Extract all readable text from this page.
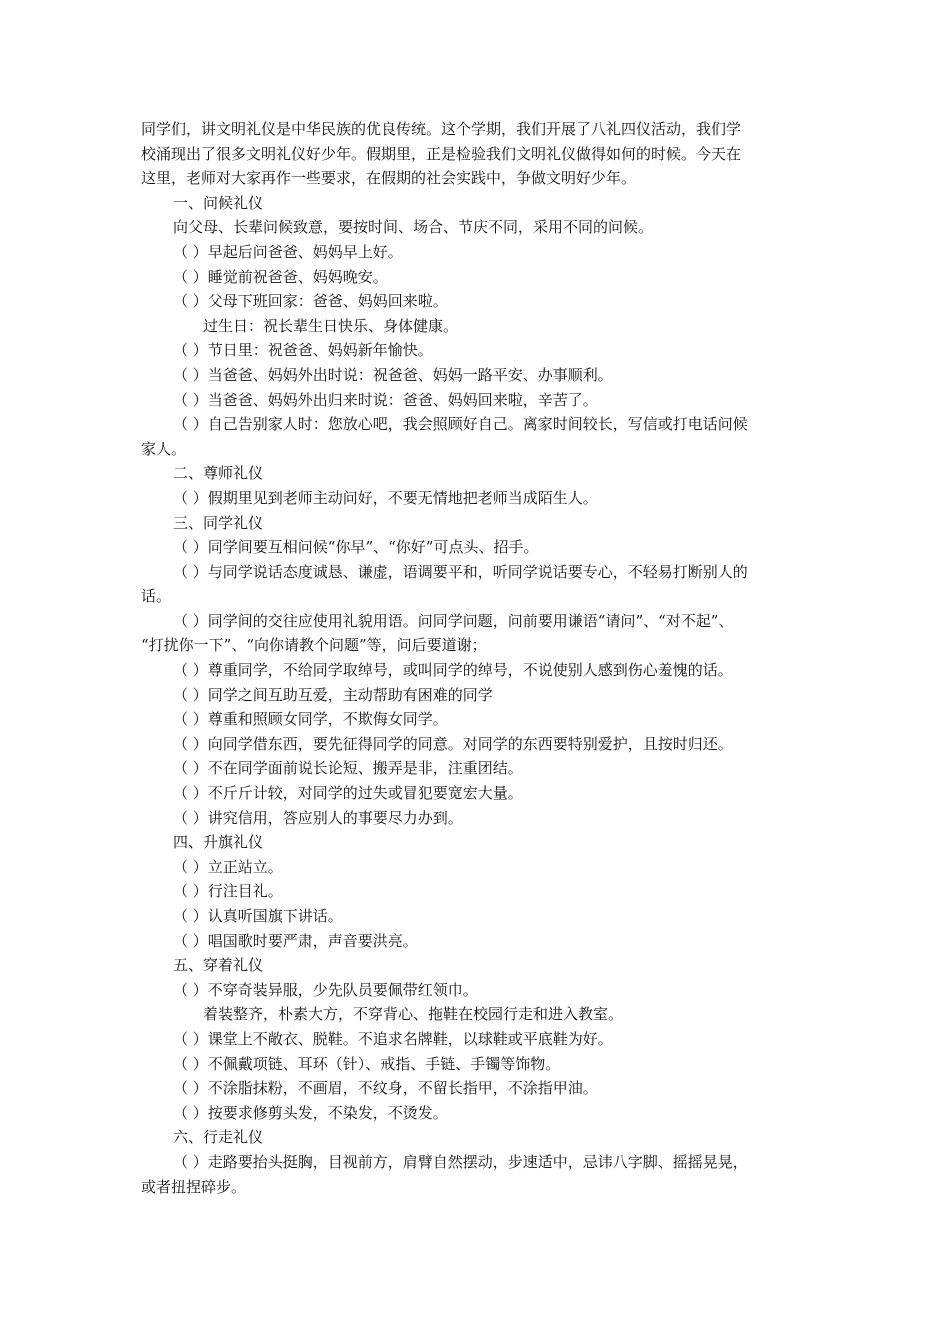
同学们，讲文明礼仪是中华民族的优良传统。这个学期，我们开展了八礼四仪活动，我们学
校涌现出了很多文明礼仪好少年。假期里，正是检验我们文明礼仪做得如何的时候。今天在
这里，老师对大家再作一些要求，在假期的社会实践中，争做文明好少年。
一、问候礼仪
向父母、长辈问候致意，要按时间、场合、节庆不同，采用不同的问候。
（ ）早起后问爸爸、妈妈早上好。
（ ）睡觉前祝爸爸、妈妈晚安。
（ ）父母下班回家：爸爸、妈妈回来啦。
过生日：祝长辈生日快乐、身体健康。
（ ）节日里：祝爸爸、妈妈新年愉快。
（ ）当爸爸、妈妈外出时说：祝爸爸、妈妈一路平安、办事顺利。
（ ）当爸爸、妈妈外出归来时说：爸爸、妈妈回来啦，辛苦了。
（ ）自己告别家人时：您放心吧，我会照顾好自己。离家时间较长，写信或打电话问候
家人。
二、尊师礼仪
（ ）假期里见到老师主动问好，不要无情地把老师当成陌生人。
三、同学礼仪
（ ）同学间要互相问候“你早”、“你好”可点头、招手。
（ ）与同学说话态度诚恳、谦虚，语调要平和，听同学说话要专心，不轻易打断别人的
话。
（ ）同学间的交往应使用礼貌用语。问同学问题，问前要用谦语“请问”、“对不起”、
“打扰你一下”、“向你请教个问题”等，问后要道谢；
（ ）尊重同学，不给同学取绰号，或叫同学的绰号，不说使别人感到伤心羞愧的话。
（ ）同学之间互助互爱，主动帮助有困难的同学
（ ）尊重和照顾女同学，不欺侮女同学。
（ ）向同学借东西，要先征得同学的同意。对同学的东西要特别爱护，且按时归还。
（ ）不在同学面前说长论短、搬弄是非，注重团结。
（ ）不斤斤计较，对同学的过失或冒犯要宽宏大量。
（ ）讲究信用，答应别人的事要尽力办到。
四、升旗礼仪
（ ）立正站立。
（ ）行注目礼。
（ ）认真听国旗下讲话。
（ ）唱国歌时要严肃，声音要洪亮。
五、穿着礼仪
（ ）不穿奇装异服，少先队员要佩带红领巾。
着装整齐，朴素大方，不穿背心、拖鞋在校园行走和进入教室。
（ ）课堂上不敞衣、脱鞋。不追求名牌鞋，以球鞋或平底鞋为好。
（ ）不佩戴项链、耳环（针）、戒指、手链、手镯等饰物。
（ ）不涂脂抹粉，不画眉，不纹身，不留长指甲，不涂指甲油。
（ ）按要求修剪头发，不染发，不烫发。
六、行走礼仪
（ ）走路要抬头挺胸，目视前方，肩臂自然摆动，步速适中，忌讳八字脚、摇摇晃晃，
或者扭捏碎步。
